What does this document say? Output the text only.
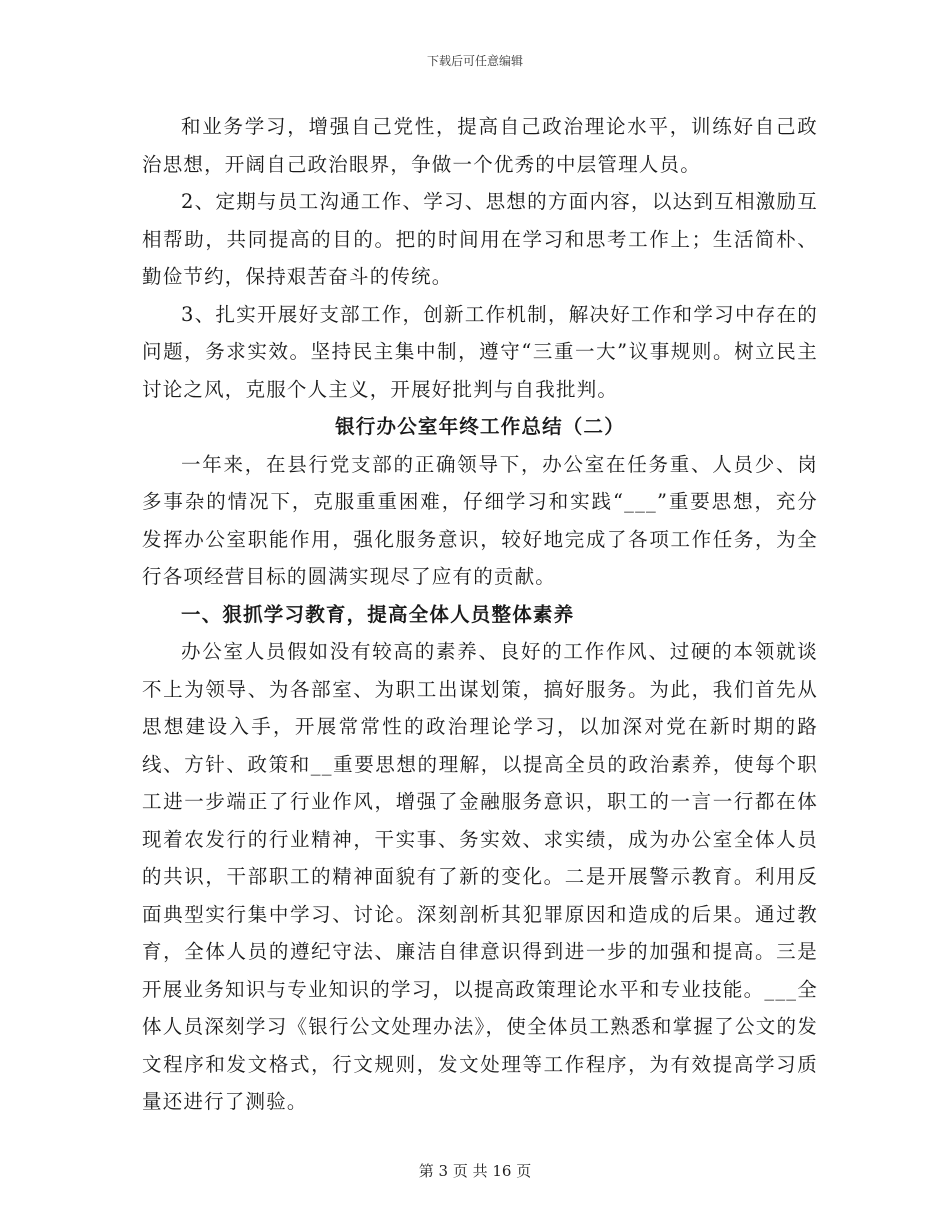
下载后可任意编辑

和业务学习，增强自己党性，提高自己政治理论水平，训练好自己政治思想，开阔自己政治眼界，争做一个优秀的中层管理人员。

2、定期与员工沟通工作、学习、思想的方面内容，以达到互相激励互相帮助，共同提高的目的。把的时间用在学习和思考工作上；生活简朴、勤俭节约，保持艰苦奋斗的传统。

3、扎实开展好支部工作，创新工作机制，解决好工作和学习中存在的问题，务求实效。坚持民主集中制，遵守“三重一大”议事规则。树立民主讨论之风，克服个人主义，开展好批判与自我批判。

银行办公室年终工作总结（二）

一年来，在县行党支部的正确领导下，办公室在任务重、人员少、岗多事杂的情况下，克服重重困难，仔细学习和实践“___”重要思想，充分发挥办公室职能作用，强化服务意识，较好地完成了各项工作任务，为全行各项经营目标的圆满实现尽了应有的贡献。

一、狠抓学习教育，提高全体人员整体素养

办公室人员假如没有较高的素养、良好的工作作风、过硬的本领就谈不上为领导、为各部室、为职工出谋划策，搞好服务。为此，我们首先从思想建设入手，开展常常性的政治理论学习，以加深对党在新时期的路线、方针、政策和__重要思想的理解，以提高全员的政治素养，使每个职工进一步端正了行业作风，增强了金融服务意识，职工的一言一行都在体现着农发行的行业精神，干实事、务实效、求实绩，成为办公室全体人员的共识，干部职工的精神面貌有了新的变化。二是开展警示教育。利用反面典型实行集中学习、讨论。深刻剖析其犯罪原因和造成的后果。通过教育，全体人员的遵纪守法、廉洁自律意识得到进一步的加强和提高。三是开展业务知识与专业知识的学习，以提高政策理论水平和专业技能。___全体人员深刻学习《银行公文处理办法》，使全体员工熟悉和掌握了公文的发文程序和发文格式，行文规则，发文处理等工作程序，为有效提高学习质量还进行了测验。

第 3 页 共 16 页
